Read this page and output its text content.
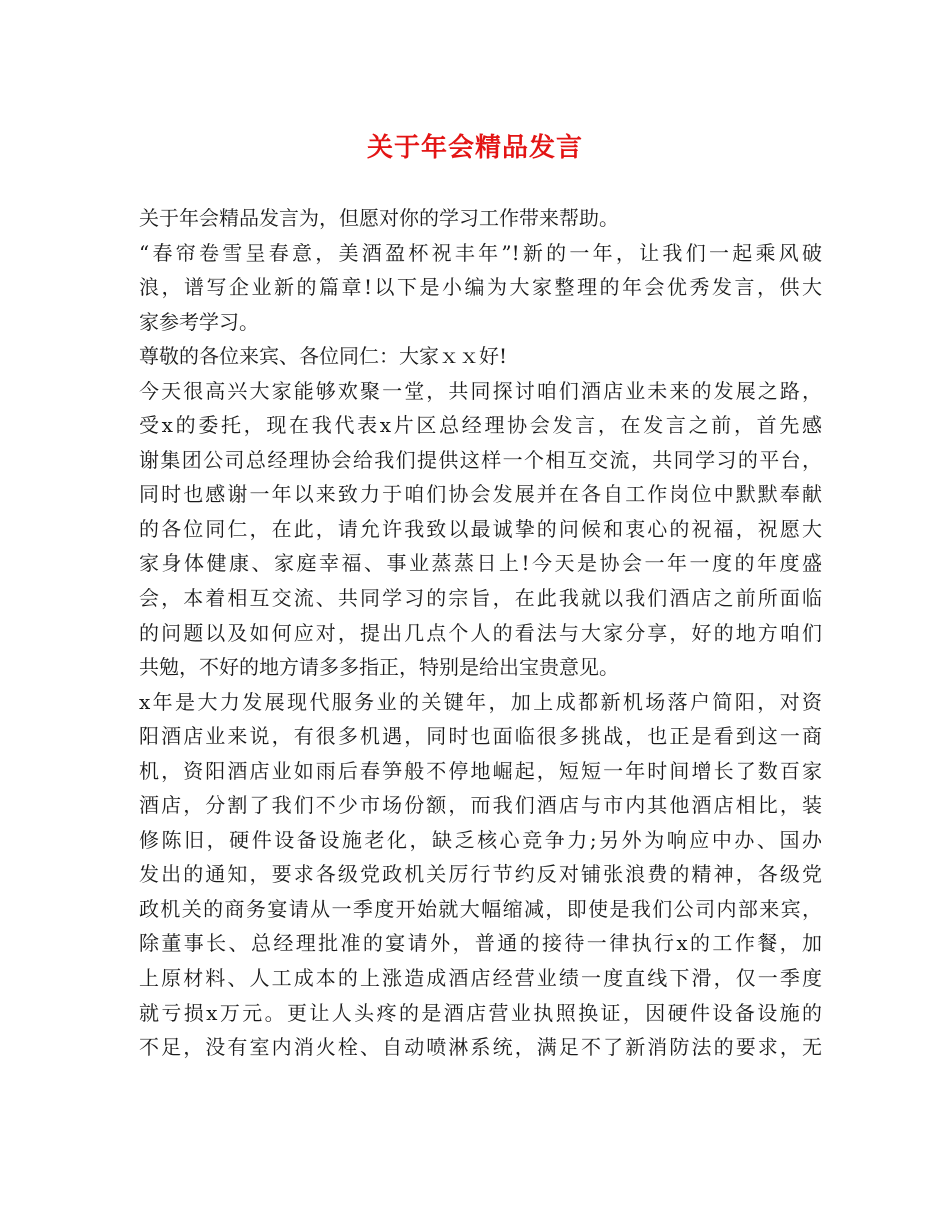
关于年会精品发言
关于年会精品发言为，但愿对你的学习工作带来帮助。
“春帘卷雪呈春意，美酒盈杯祝丰年”!新的一年，让我们一起乘风破
浪，谱写企业新的篇章!以下是小编为大家整理的年会优秀发言，供大
家参考学习。
尊敬的各位来宾、各位同仁：大家ｘｘ好!
今天很高兴大家能够欢聚一堂，共同探讨咱们酒店业未来的发展之路，
受x的委托，现在我代表x片区总经理协会发言，在发言之前，首先感
谢集团公司总经理协会给我们提供这样一个相互交流，共同学习的平台，
同时也感谢一年以来致力于咱们协会发展并在各自工作岗位中默默奉献
的各位同仁，在此，请允许我致以最诚挚的问候和衷心的祝福，祝愿大
家身体健康、家庭幸福、事业蒸蒸日上!今天是协会一年一度的年度盛
会，本着相互交流、共同学习的宗旨，在此我就以我们酒店之前所面临
的问题以及如何应对，提出几点个人的看法与大家分享，好的地方咱们
共勉，不好的地方请多多指正，特别是给出宝贵意见。
x年是大力发展现代服务业的关键年，加上成都新机场落户简阳，对资
阳酒店业来说，有很多机遇，同时也面临很多挑战，也正是看到这一商
机，资阳酒店业如雨后春笋般不停地崛起，短短一年时间增长了数百家
酒店，分割了我们不少市场份额，而我们酒店与市内其他酒店相比，装
修陈旧，硬件设备设施老化，缺乏核心竞争力;另外为响应中办、国办
发出的通知，要求各级党政机关厉行节约反对铺张浪费的精神，各级党
政机关的商务宴请从一季度开始就大幅缩减，即使是我们公司内部来宾，
除董事长、总经理批准的宴请外，普通的接待一律执行x的工作餐，加
上原材料、人工成本的上涨造成酒店经营业绩一度直线下滑，仅一季度
就亏损x万元。更让人头疼的是酒店营业执照换证，因硬件设备设施的
不足，没有室内消火栓、自动喷淋系统，满足不了新消防法的要求，无
